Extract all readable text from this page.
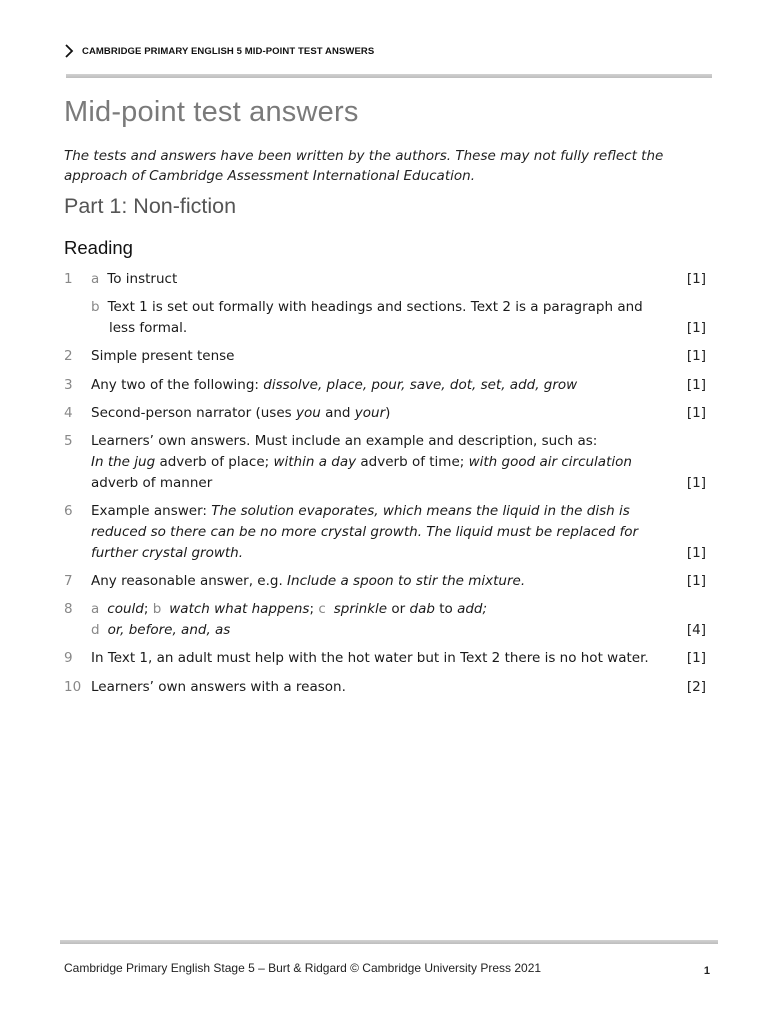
CAMBRIDGE PRIMARY ENGLISH 5 MID-POINT TEST ANSWERS
Mid-point test answers
The tests and answers have been written by the authors. These may not fully reflect the approach of Cambridge Assessment International Education.
Part 1: Non-fiction
Reading
1	a To instruct	[1]
b Text 1 is set out formally with headings and sections. Text 2 is a paragraph and less formal.	[1]
2	Simple present tense	[1]
3	Any two of the following: dissolve, place, pour, save, dot, set, add, grow	[1]
4	Second-person narrator (uses you and your)	[1]
5	Learners’ own answers. Must include an example and description, such as:
In the jug adverb of place; within a day adverb of time; with good air circulation adverb of manner	[1]
6	Example answer: The solution evaporates, which means the liquid in the dish is reduced so there can be no more crystal growth. The liquid must be replaced for further crystal growth.	[1]
7	Any reasonable answer, e.g. Include a spoon to stir the mixture.	[1]
8	a could; b watch what happens; c sprinkle or dab to add;
d or, before, and, as	[4]
9	In Text 1, an adult must help with the hot water but in Text 2 there is no hot water.	[1]
10 Learners’ own answers with a reason.	[2]
Cambridge Primary English Stage 5 – Burt & Ridgard © Cambridge University Press 2021	1
